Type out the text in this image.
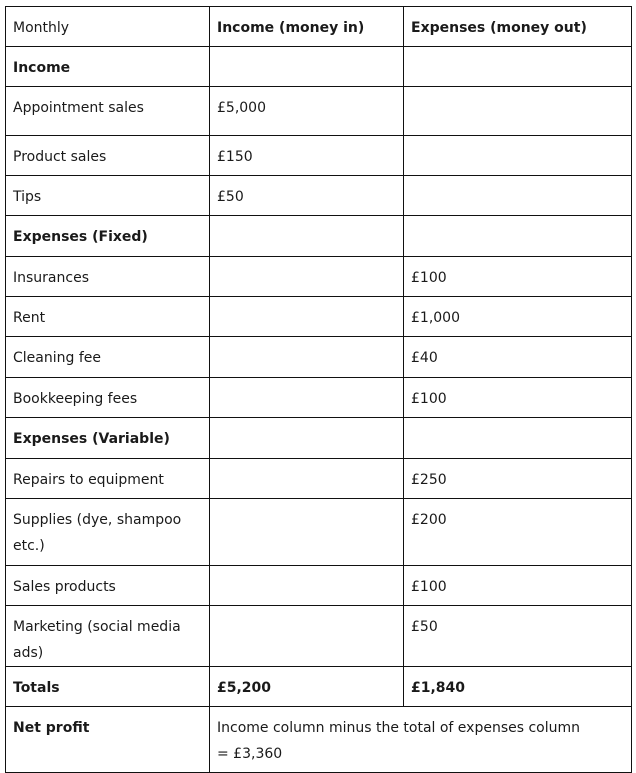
Monthly	Income (money in)	Expenses (money out)
Income		
Appointment sales	£5,000	
Product sales	£150	
Tips	£50	
Expenses (Fixed)		
Insurances		£100
Rent		£1,000
Cleaning fee		£40
Bookkeeping fees		£100
Expenses (Variable)		
Repairs to equipment		£250
Supplies (dye, shampoo etc.)		£200
Sales products		£100
Marketing (social media ads)		£50
Totals	£5,200	£1,840
Net profit	Income column minus the total of expenses column = £3,360	
